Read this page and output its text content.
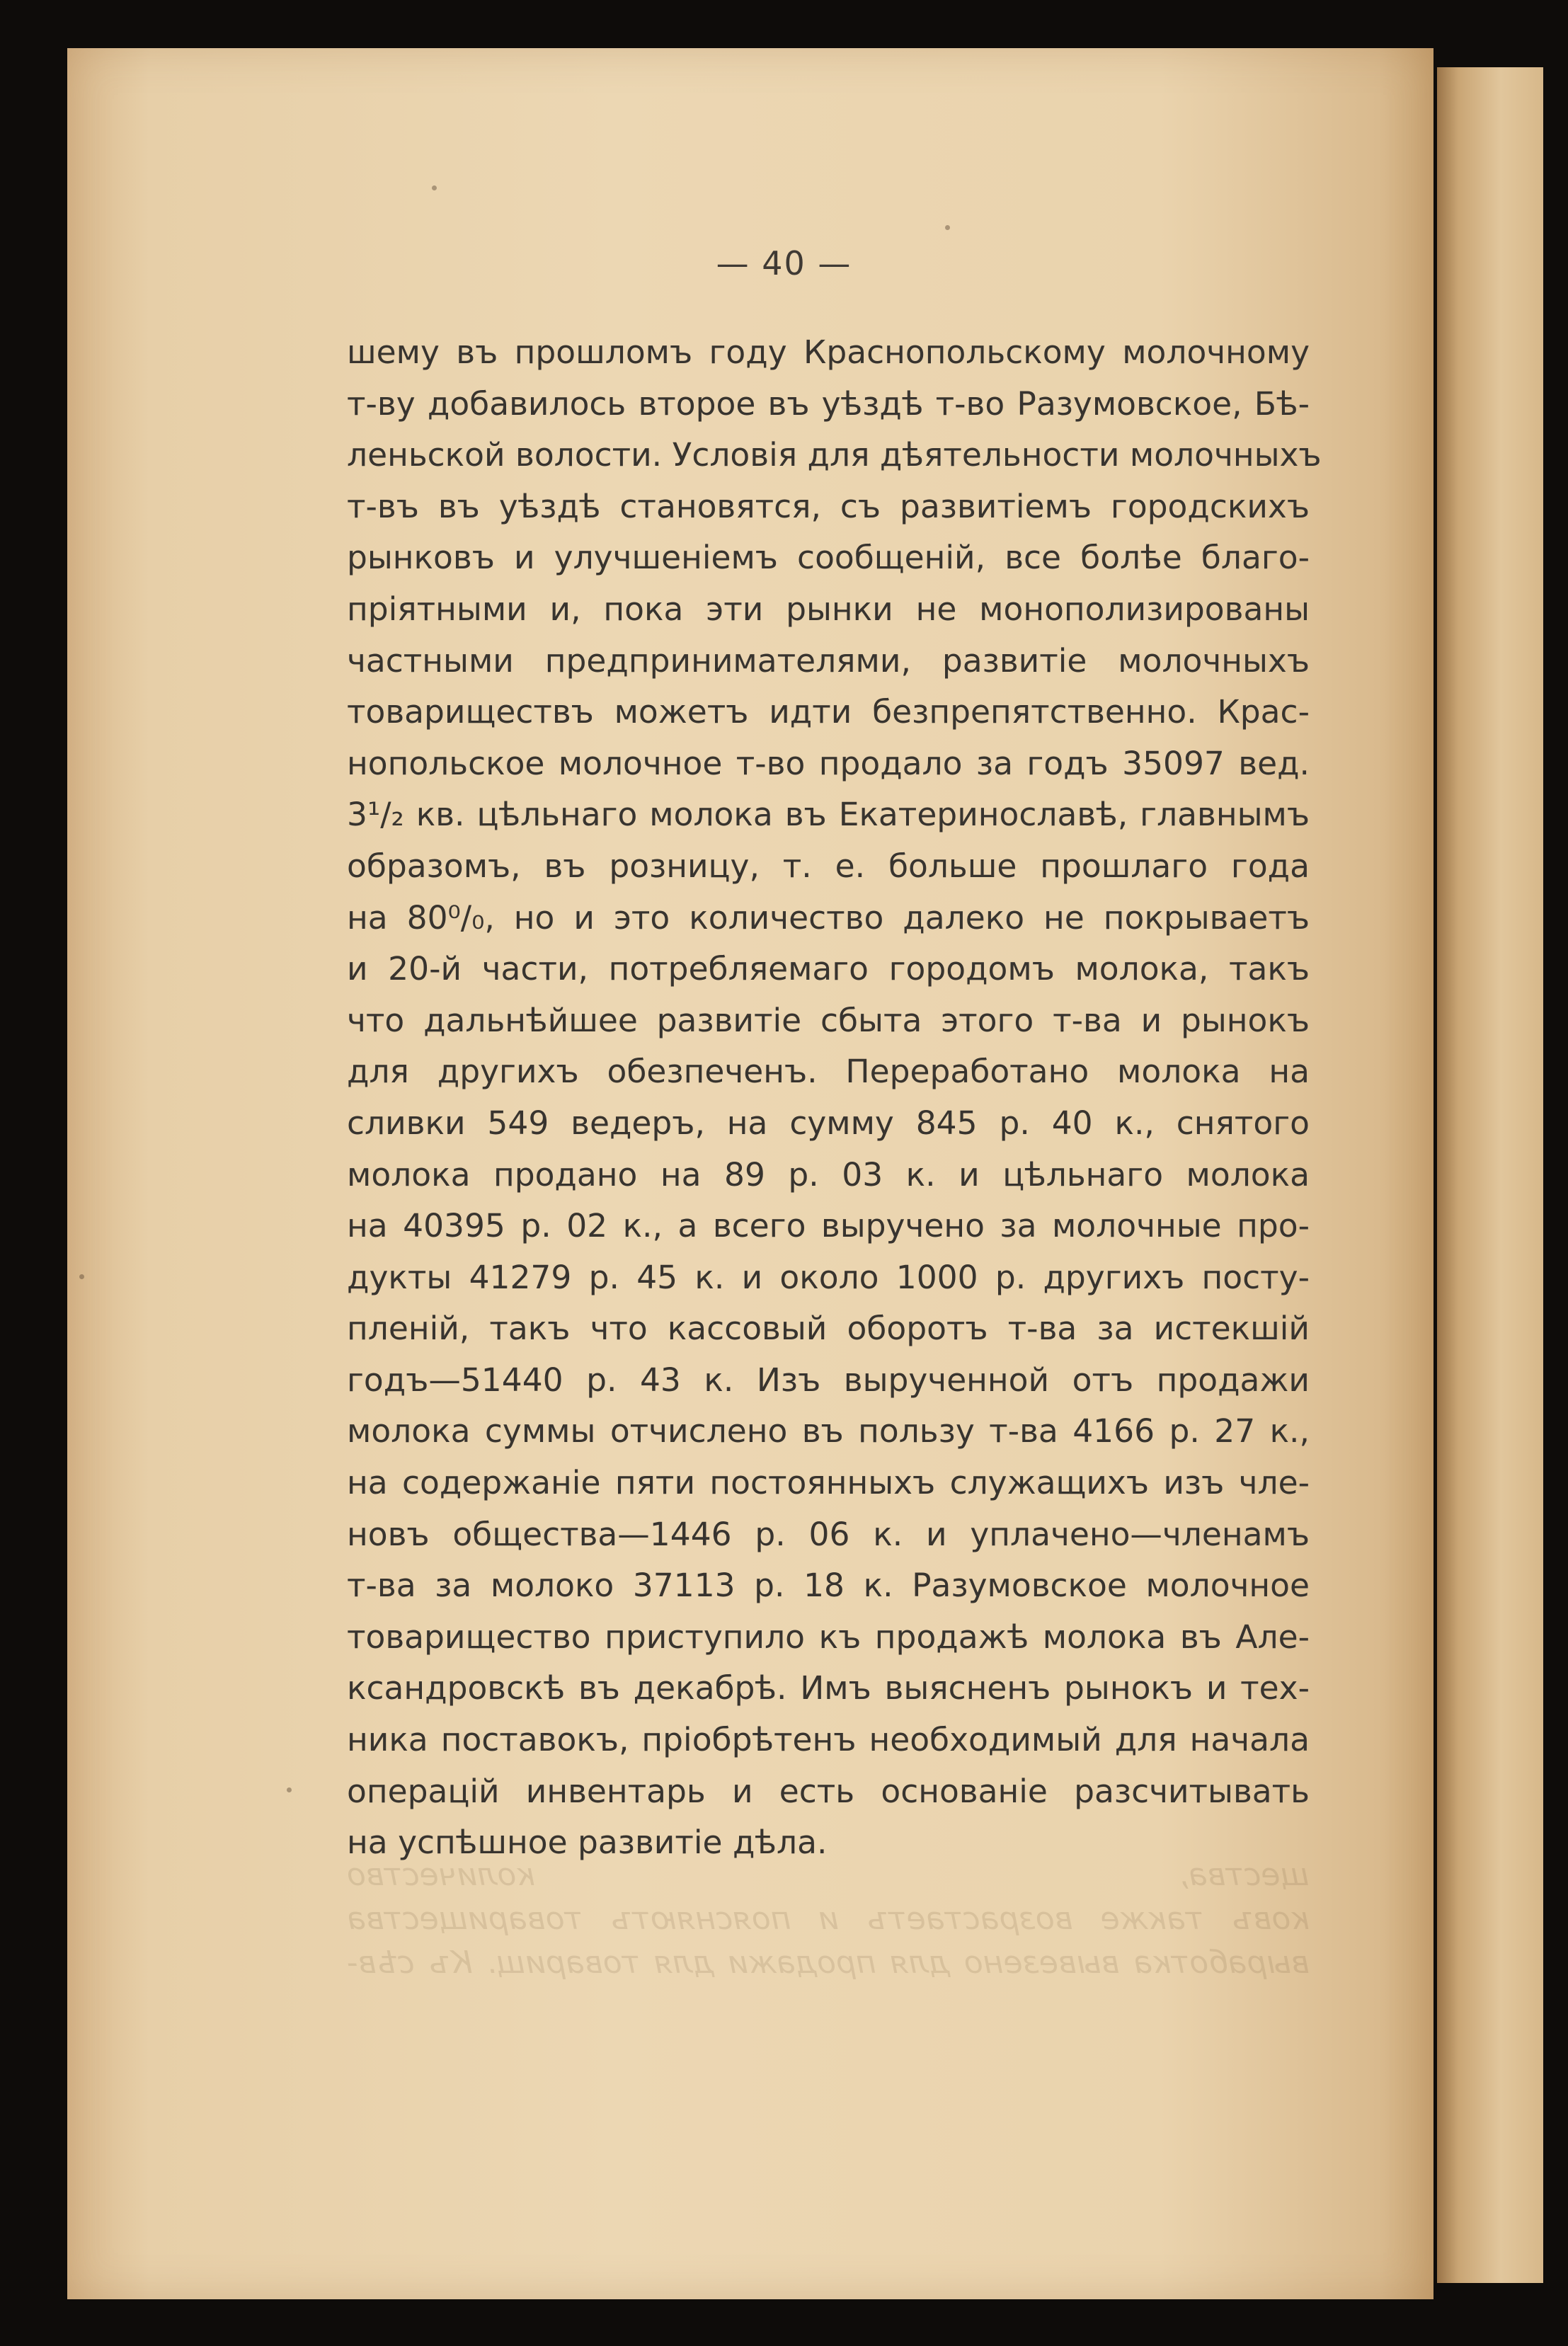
— 40 —
шему въ прошломъ году Краснопольскому молочному
т-ву добавилось второе въ уѣздѣ т-во Разумовское, Бѣ-
леньской волости. Условія для дѣятельности молочныхъ
т-въ въ уѣздѣ становятся, съ развитіемъ городскихъ
рынковъ и улучшеніемъ сообщеній, все болѣе благо-
пріятными и, пока эти рынки не монополизированы
частными предпринимателями, развитіе молочныхъ
товариществъ можетъ идти безпрепятственно. Крас-
нопольское молочное т-во продало за годъ 35097 вед.
3¹/₂ кв. цѣльнаго молока въ Екатеринославѣ, главнымъ
образомъ, въ розницу, т. е. больше прошлаго года
на 80⁰/₀, но и это количество далеко не покрываетъ
и 20-й части, потребляемаго городомъ молока, такъ
что дальнѣйшее развитіе сбыта этого т-ва и рынокъ
для другихъ обезпеченъ. Переработано молока на
сливки 549 ведеръ, на сумму 845 р. 40 к., снятого
молока продано на 89 р. 03 к. и цѣльнаго молока
на 40395 р. 02 к., а всего выручено за молочные про-
дукты 41279 р. 45 к. и около 1000 р. другихъ посту-
пленій, такъ что кассовый оборотъ т-ва за истекшій
годъ—51440 р. 43 к. Изъ вырученной отъ продажи
молока суммы отчислено въ пользу т-ва 4166 р. 27 к.,
на содержаніе пяти постоянныхъ служащихъ изъ чле-
новъ общества—1446 р. 06 к. и уплачено—членамъ
т-ва за молоко 37113 р. 18 к. Разумовское молочное
товарищество приступило къ продажѣ молока въ Але-
ксандровскѣ въ декабрѣ. Имъ выясненъ рынокъ и тех-
ника поставокъ, пріобрѣтенъ необходимый для начала
операцій инвентарь и есть основаніе разсчитывать
на успѣшное развитіе дѣла.
щества, количество
ковъ также возрастаетъ и поясняютъ товарищества
выработка вывезено для продажи для товарищ. Къ сѣв-
